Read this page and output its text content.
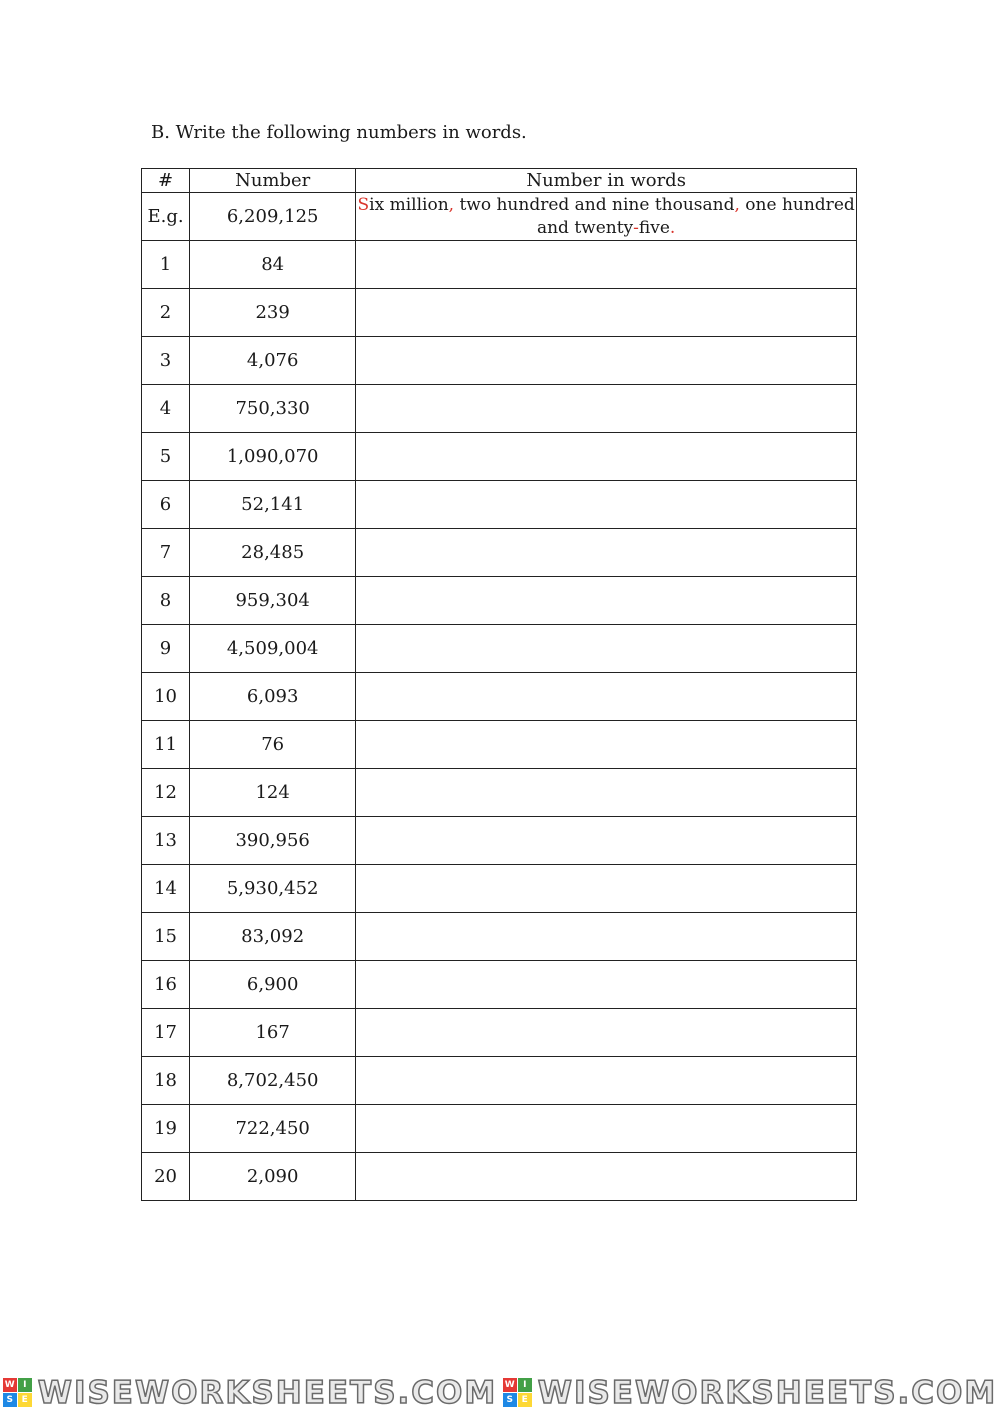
B. Write the following numbers in words.
#	Number	Number in words
E.g.	6,209,125	Six million, two hundred and nine thousand, one hundred and twenty-five.
1	84	
2	239	
3	4,076	
4	750,330	
5	1,090,070	
6	52,141	
7	28,485	
8	959,304	
9	4,509,004	
10	6,093	
11	76	
12	124	
13	390,956	
14	5,930,452	
15	83,092	
16	6,900	
17	167	
18	8,702,450	
19	722,450	
20	2,090	
W I
S E WISEWORKSHEETS.COM W I
S E WISEWORKSHEETS.COM
